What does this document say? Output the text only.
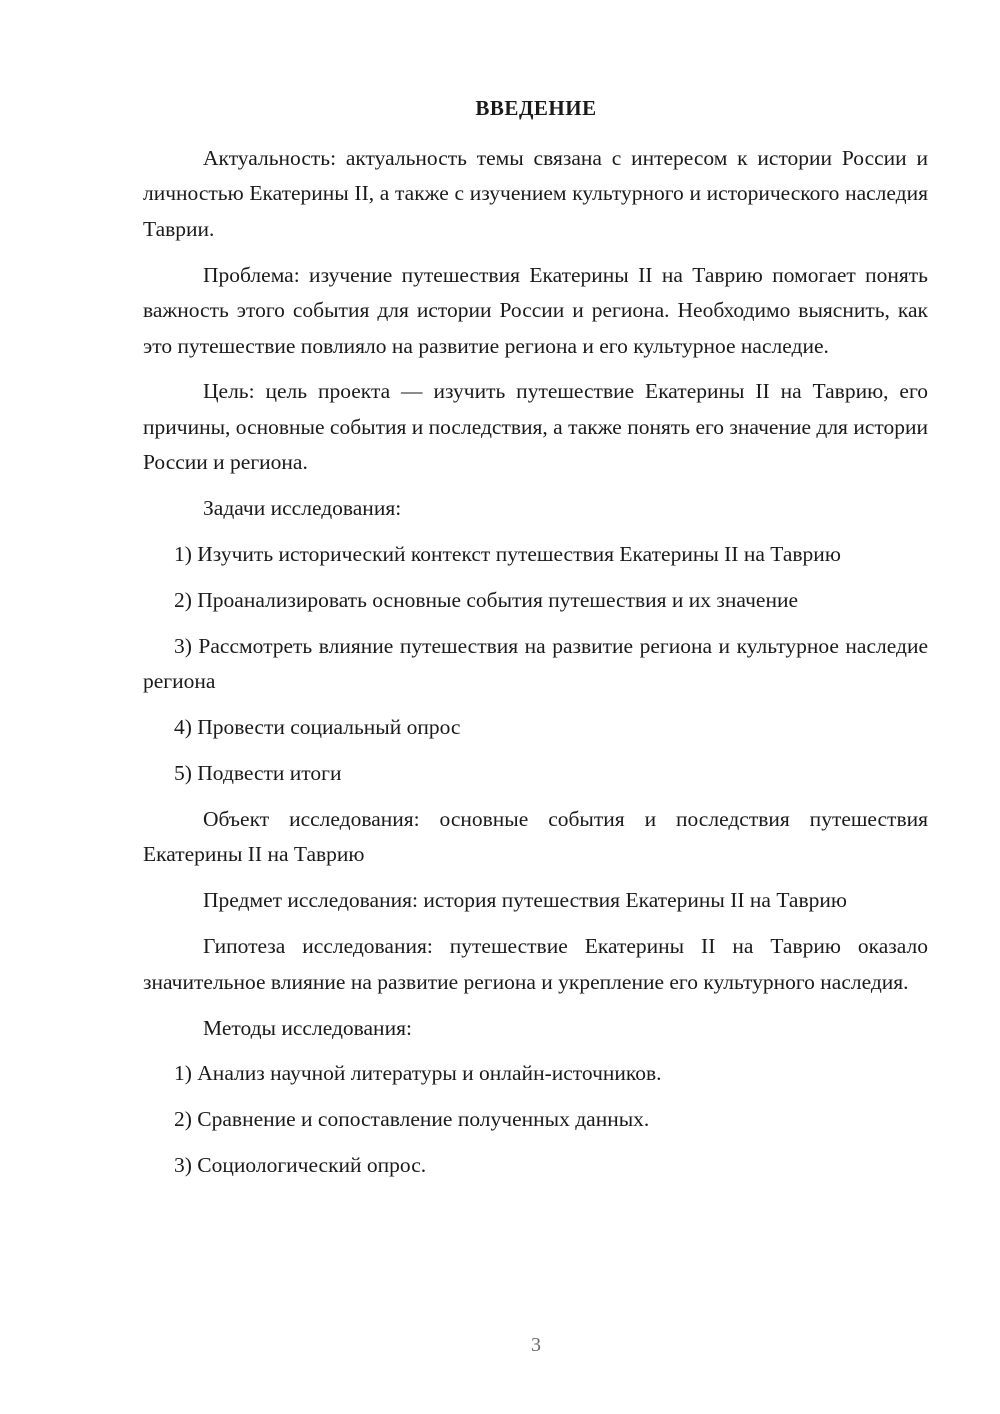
ВВЕДЕНИЕ

Актуальность: актуальность темы связана с интересом к истории России и личностью Екатерины II, а также с изучением культурного и исторического наследия Таврии.

Проблема: изучение путешествия Екатерины II на Таврию помогает понять важность этого события для истории России и региона. Необходимо выяснить, как это путешествие повлияло на развитие региона и его культурное наследие.

Цель: цель проекта — изучить путешествие Екатерины II на Таврию, его причины, основные события и последствия, а также понять его значение для истории России и региона.

Задачи исследования:

1) Изучить исторический контекст путешествия Екатерины II на Таврию

2) Проанализировать основные события путешествия и их значение

3) Рассмотреть влияние путешествия на развитие региона и культурное наследие региона

4) Провести социальный опрос

5) Подвести итоги

Объект исследования: основные события и последствия путешествия Екатерины II на Таврию

Предмет исследования: история путешествия Екатерины II на Таврию

Гипотеза исследования: путешествие Екатерины II на Таврию оказало значительное влияние на развитие региона и укрепление его культурного наследия.

Методы исследования:

1) Анализ научной литературы и онлайн-источников.

2) Сравнение и сопоставление полученных данных.

3) Социологический опрос.

3
